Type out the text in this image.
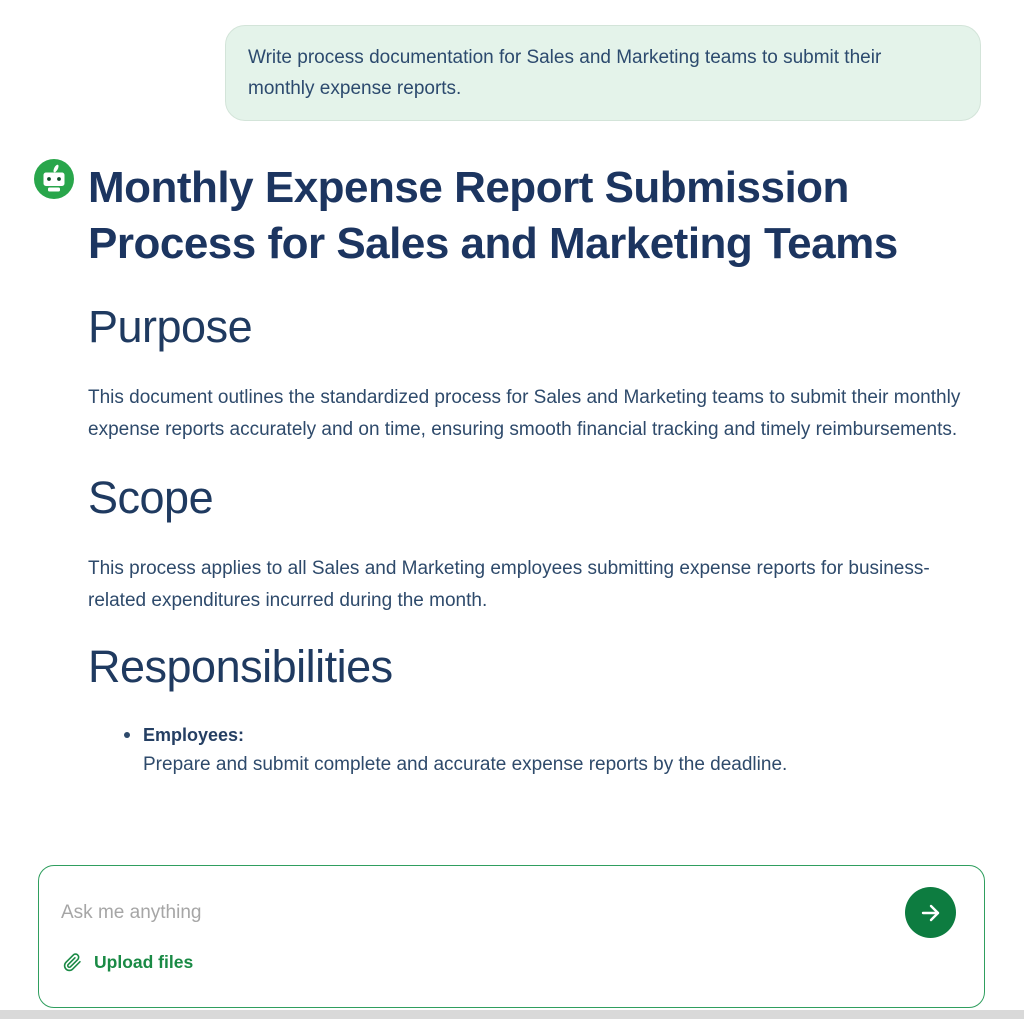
Write process documentation for Sales and Marketing teams to submit their monthly expense reports.
Monthly Expense Report Submission Process for Sales and Marketing Teams
Purpose

This document outlines the standardized process for Sales and Marketing teams to submit their monthly expense reports accurately and on time, ensuring smooth financial tracking and timely reimbursements.

Scope

This process applies to all Sales and Marketing employees submitting expense reports for business-related expenditures incurred during the month.

Responsibilities
Employees:
Prepare and submit complete and accurate expense reports by the deadline.
Ask me anything
Upload files
